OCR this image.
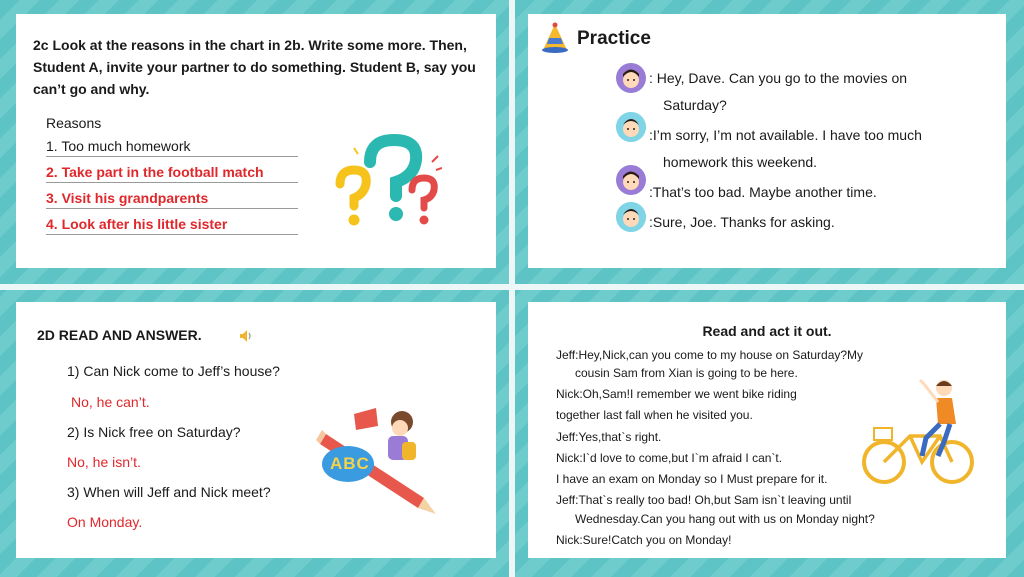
2c Look at the reasons in the chart in 2b. Write some more. Then, Student A, invite your partner to do something. Student B, say you can’t go and why.
Reasons
1. Too much homework
2. Take part in the football match
3. Visit his grandparents
4. Look after his little sister
Practice
: Hey, Dave. Can you go to the movies on
Saturday?
:I’m sorry, I’m not available. I have too much
homework this weekend.
:That’s too bad. Maybe another time.
:Sure, Joe. Thanks for asking.
2D READ AND ANSWER.
1) Can Nick come to Jeff’s house?
No, he can’t.
2) Is Nick free on Saturday?
No, he isn’t.
3) When will Jeff and Nick meet?
On Monday.
ABC
Read and act it out.
Jeff:Hey,Nick,can you come to my house on Saturday?My
cousin Sam from Xian is going to be here.
Nick:Oh,Sam!I remember we went bike riding
together last fall when he visited you.
Jeff:Yes,that`s right.
Nick:I`d love to come,but I`m afraid I can`t.
I have an exam on Monday so I Must prepare for it.
Jeff:That`s really too bad! Oh,but Sam isn`t leaving until
Wednesday.Can you hang out with us on Monday night?
Nick:Sure!Catch you on Monday!
